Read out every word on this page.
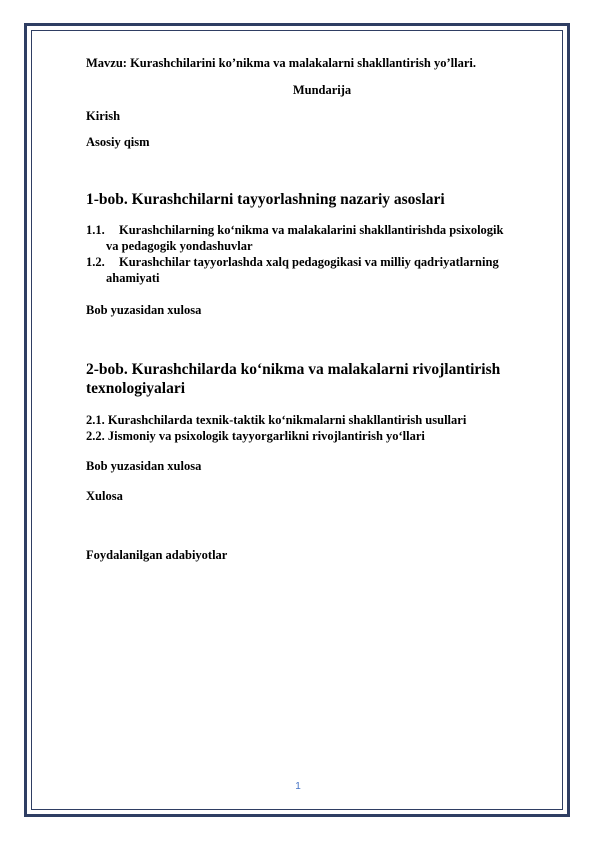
Mavzu: Kurashchilarini ko’nikma va malakalarni shakllantirish yo’llari.
Mundarija
Kirish
Asosiy qism
1-bob. Kurashchilarni tayyorlashning nazariy asoslari
1.1. Kurashchilarning ko‘nikma va malakalarini shakllantirishda psixologik
va pedagogik yondashuvlar
1.2. Kurashchilar tayyorlashda xalq pedagogikasi va milliy qadriyatlarning
ahamiyati
Bob yuzasidan xulosa
2-bob. Kurashchilarda ko‘nikma va malakalarni rivojlantirish
texnologiyalari
2.1. Kurashchilarda texnik-taktik ko‘nikmalarni shakllantirish usullari
2.2. Jismoniy va psixologik tayyorgarlikni rivojlantirish yo‘llari
Bob yuzasidan xulosa
Xulosa
Foydalanilgan adabiyotlar
1
